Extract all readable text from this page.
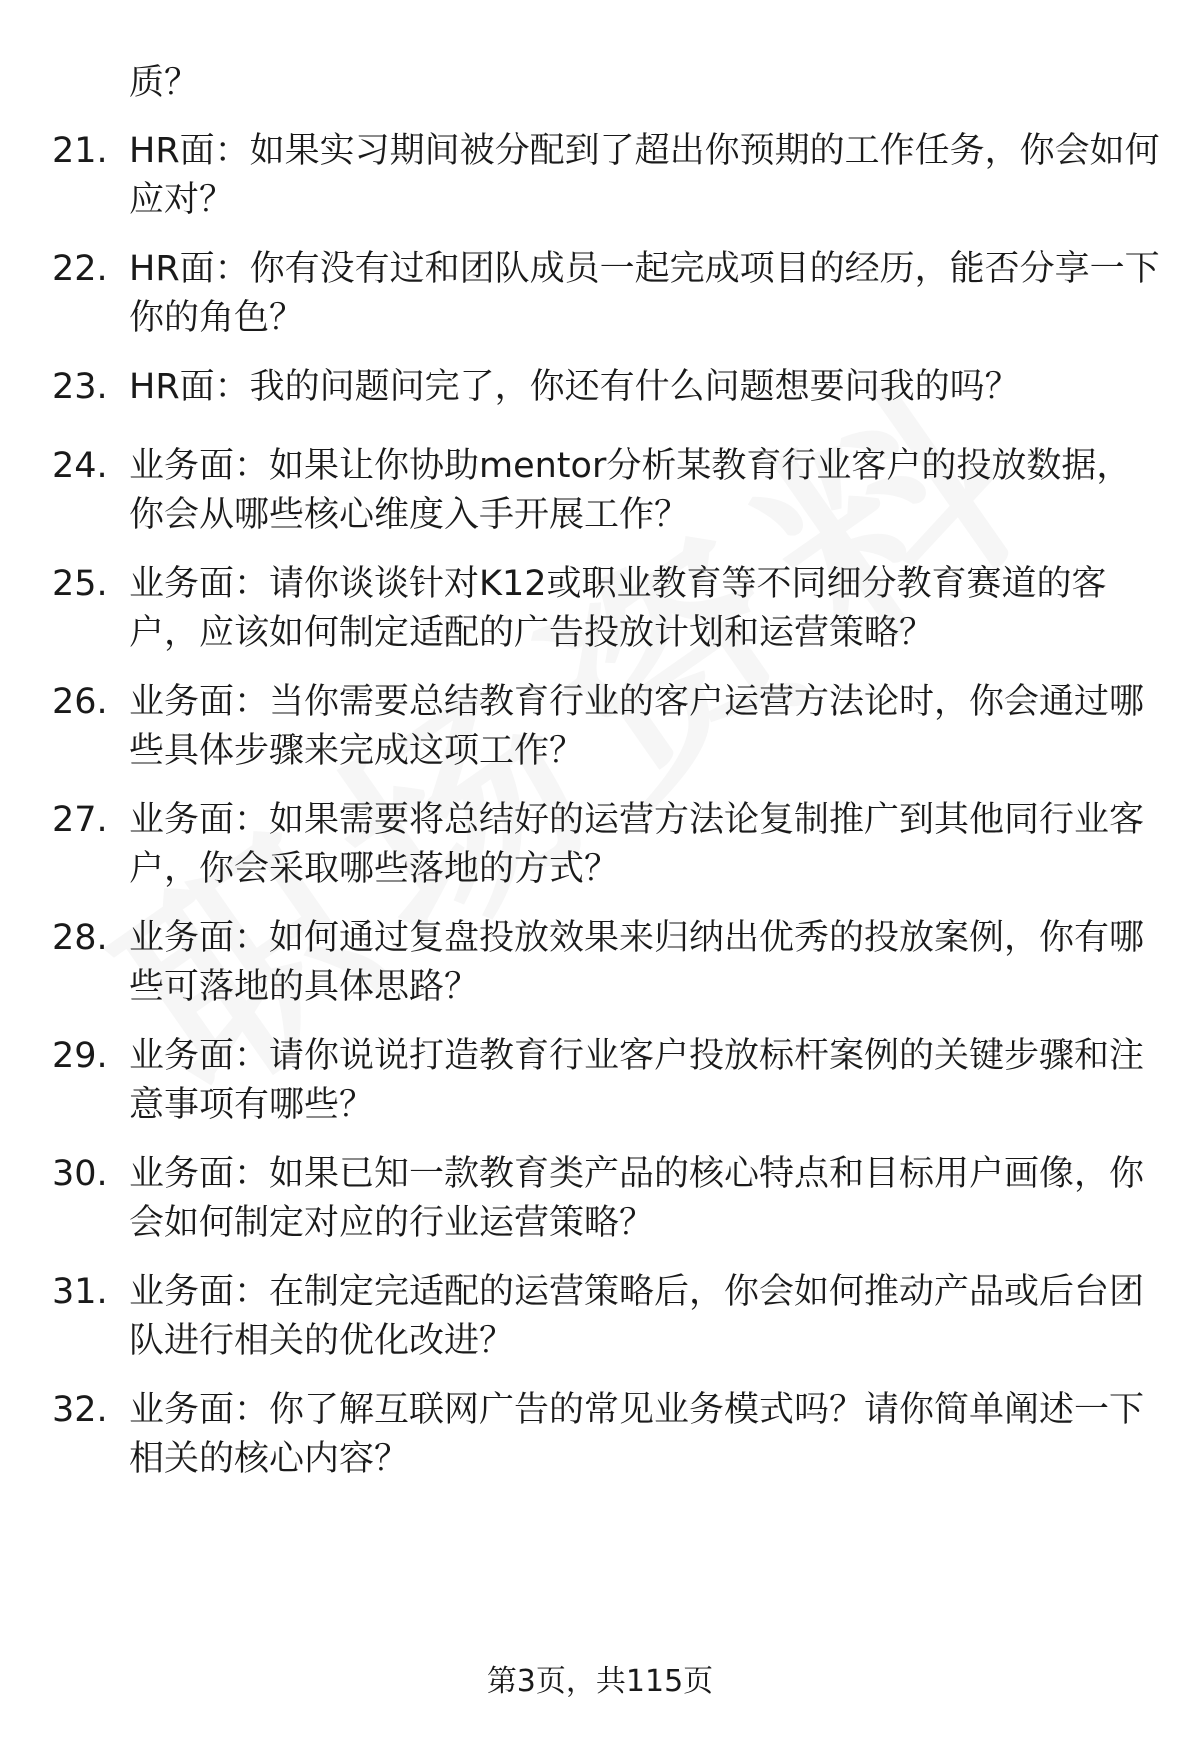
质？
21. HR面：如果实习期间被分配到了超出你预期的工作任务，你会如何应对？
22. HR面：你有没有过和团队成员一起完成项目的经历，能否分享一下你的角色？
23. HR面：我的问题问完了，你还有什么问题想要问我的吗？
24. 业务面：如果让你协助mentor分析某教育行业客户的投放数据，你会从哪些核心维度入手开展工作？
25. 业务面：请你谈谈针对K12或职业教育等不同细分教育赛道的客户，应该如何制定适配的广告投放计划和运营策略？
26. 业务面：当你需要总结教育行业的客户运营方法论时，你会通过哪些具体步骤来完成这项工作？
27. 业务面：如果需要将总结好的运营方法论复制推广到其他同行业客户，你会采取哪些落地的方式？
28. 业务面：如何通过复盘投放效果来归纳出优秀的投放案例，你有哪些可落地的具体思路？
29. 业务面：请你说说打造教育行业客户投放标杆案例的关键步骤和注意事项有哪些？
30. 业务面：如果已知一款教育类产品的核心特点和目标用户画像，你会如何制定对应的行业运营策略？
31. 业务面：在制定完适配的运营策略后，你会如何推动产品或后台团队进行相关的优化改进？
32. 业务面：你了解互联网广告的常见业务模式吗？请你简单阐述一下相关的核心内容？
第3页，共115页
